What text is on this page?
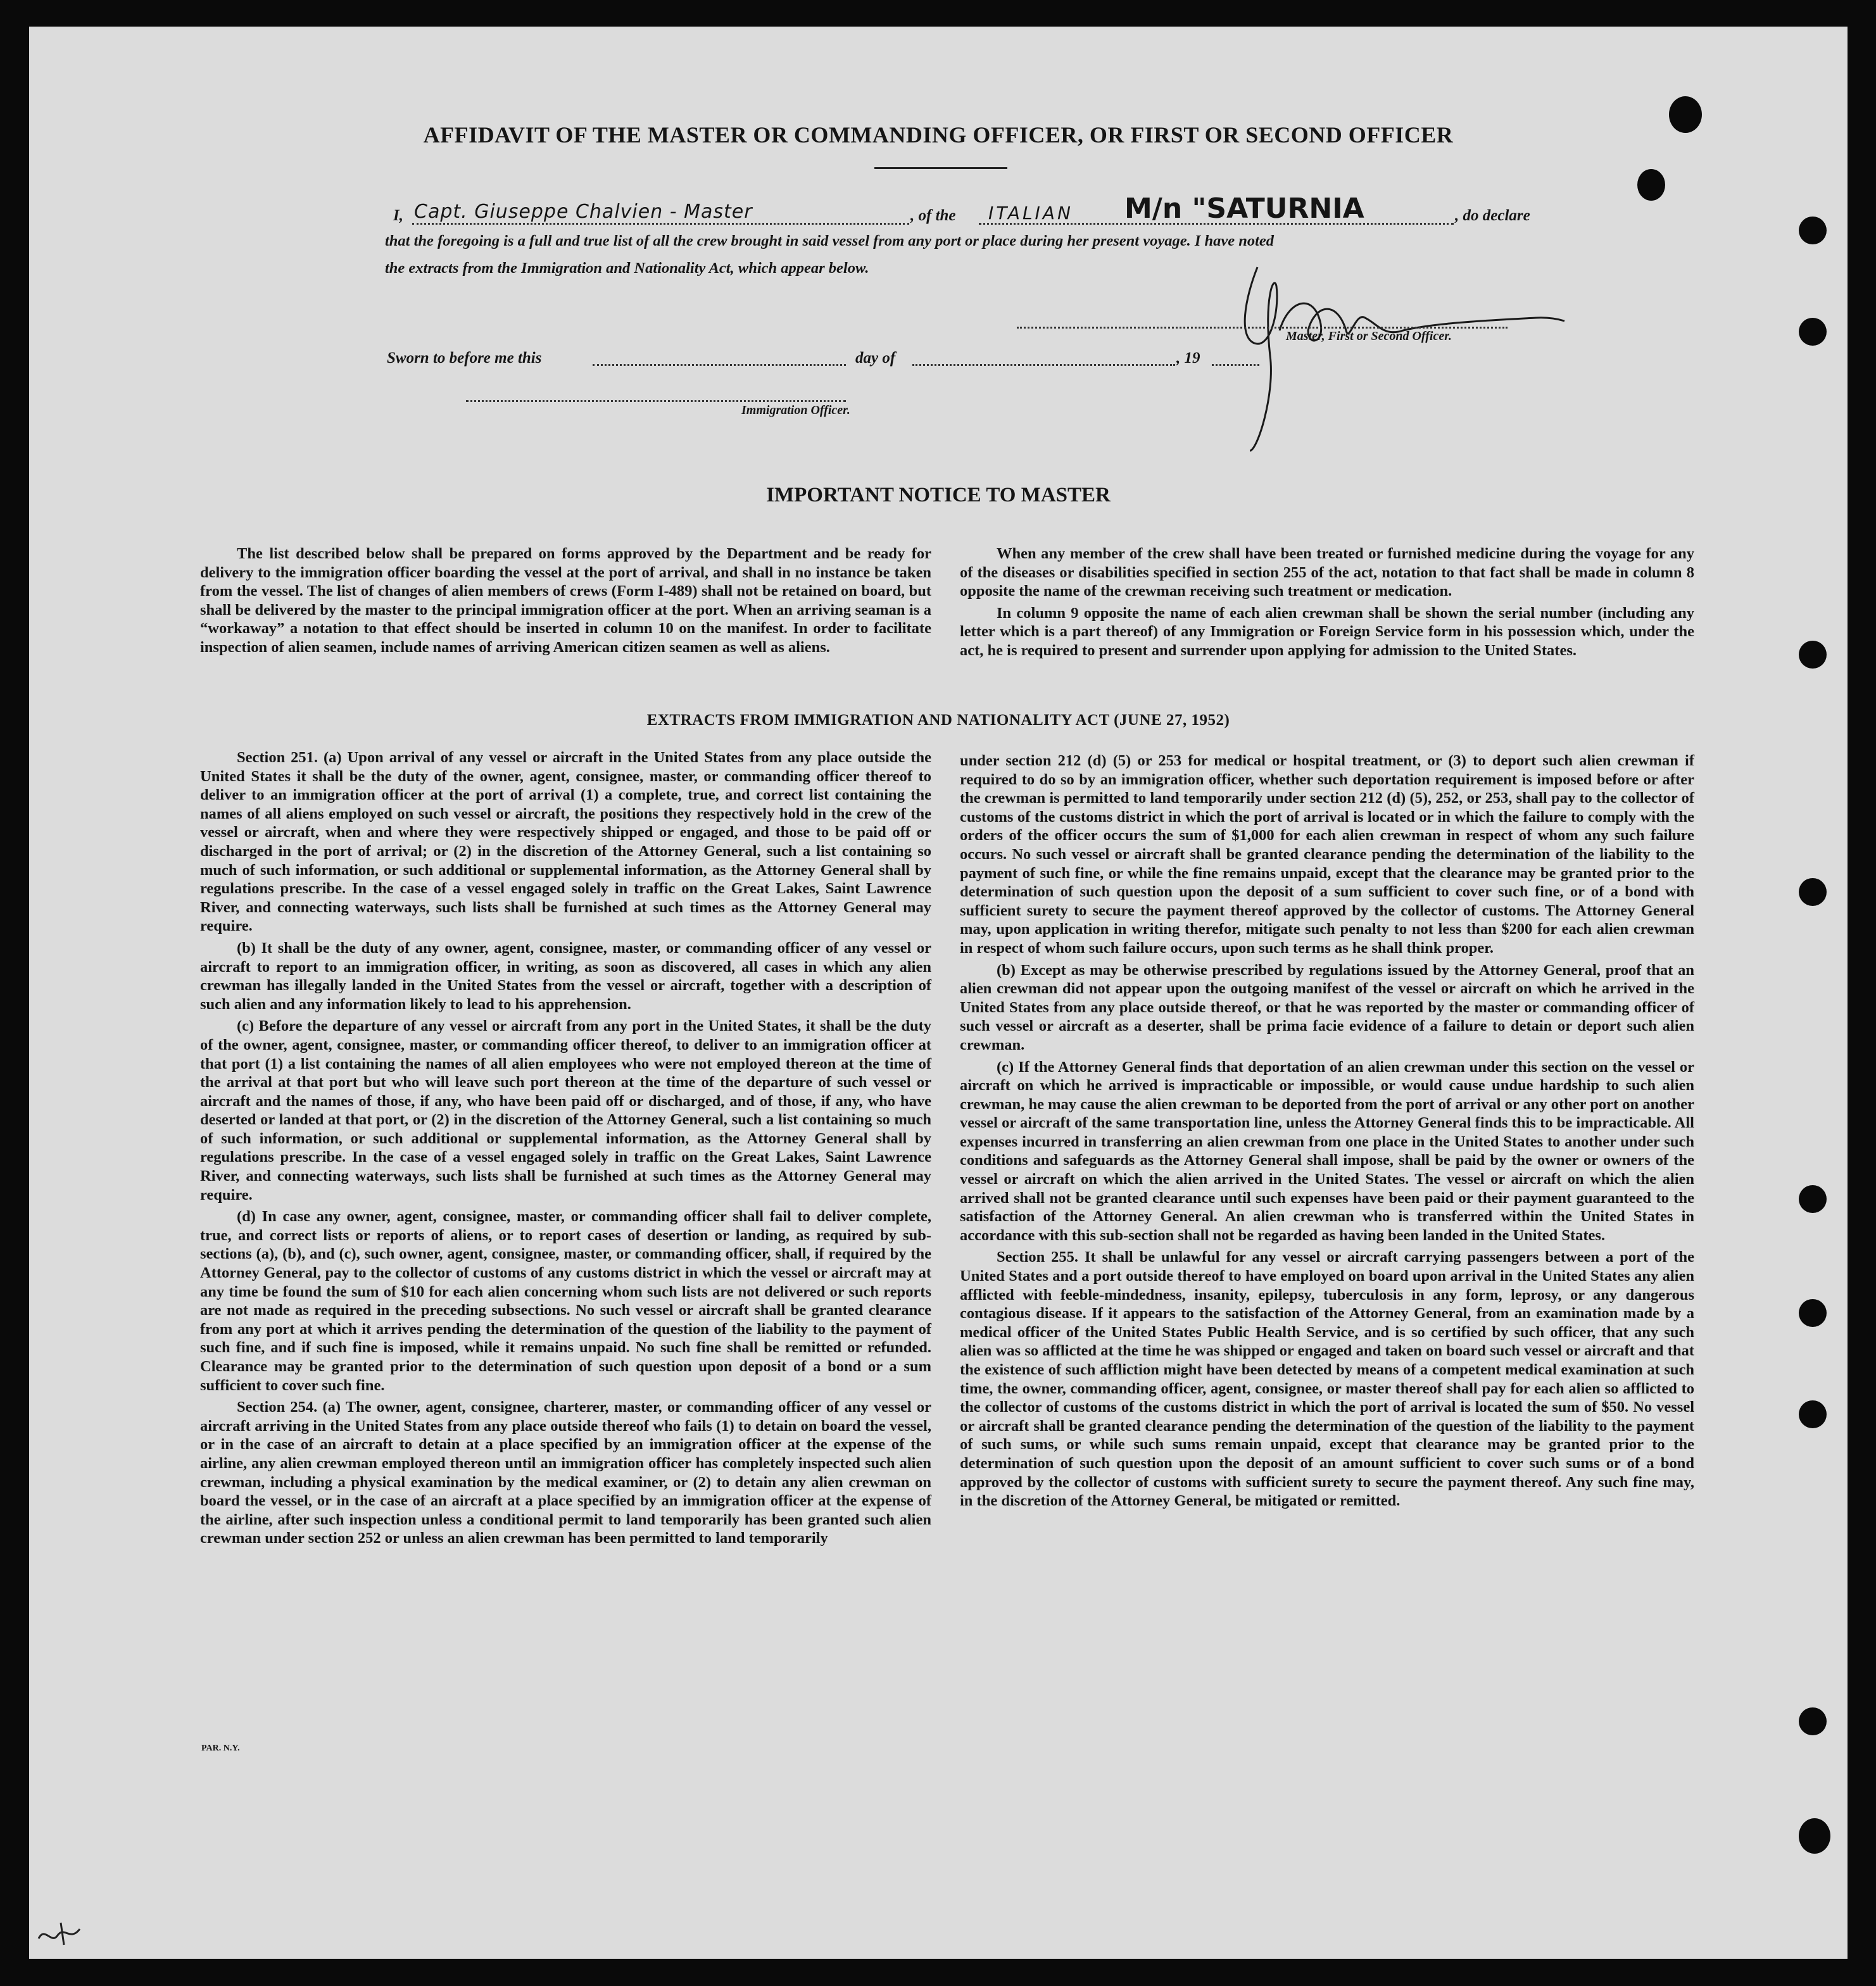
AFFIDAVIT OF THE MASTER OR COMMANDING OFFICER, OR FIRST OR SECOND OFFICER
I, Capt. Giuseppe Chalvien - Master	, of the ITALIAN M/n "SATURNIA	, do declare
that the foregoing is a full and true list of all the crew brought in said vessel from any port or place during her present voyage. I have noted
the extracts from the Immigration and Nationality Act, which appear below.
Master, First or Second Officer.
Sworn to before me this	day of	, 19
Immigration Officer.
IMPORTANT NOTICE TO MASTER

The list described below shall be prepared on forms approved by the Department and be ready for delivery to the immigration officer boarding the vessel at the port of arrival, and shall in no instance be taken from the vessel. The list of changes of alien members of crews (Form I-489) shall not be retained on board, but shall be delivered by the master to the principal immigration officer at the port. When an arriving seaman is a “workaway” a notation to that effect should be inserted in column 10 on the manifest. In order to facilitate inspection of alien seamen, include names of arriving American citizen seamen as well as aliens.

When any member of the crew shall have been treated or furnished medicine during the voyage for any of the diseases or disabilities specified in section 255 of the act, notation to that fact shall be made in column 8 opposite the name of the crewman receiving such treatment or medication.

In column 9 opposite the name of each alien crewman shall be shown the serial number (including any letter which is a part thereof) of any Immigration or Foreign Service form in his possession which, under the act, he is required to present and surrender upon applying for admission to the United States.

EXTRACTS FROM IMMIGRATION AND NATIONALITY ACT (JUNE 27, 1952)

Section 251. (a) Upon arrival of any vessel or aircraft in the United States from any place outside the United States it shall be the duty of the owner, agent, consignee, master, or commanding officer thereof to deliver to an immigration officer at the port of arrival (1) a complete, true, and correct list containing the names of all aliens employed on such vessel or aircraft, the positions they respectively hold in the crew of the vessel or aircraft, when and where they were respectively shipped or engaged, and those to be paid off or discharged in the port of arrival; or (2) in the discretion of the Attorney General, such a list containing so much of such information, or such additional or supplemental information, as the Attorney General shall by regulations prescribe. In the case of a vessel engaged solely in traffic on the Great Lakes, Saint Lawrence River, and connecting waterways, such lists shall be furnished at such times as the Attorney General may require.

(b) It shall be the duty of any owner, agent, consignee, master, or commanding officer of any vessel or aircraft to report to an immigration officer, in writing, as soon as discovered, all cases in which any alien crewman has illegally landed in the United States from the vessel or aircraft, together with a description of such alien and any information likely to lead to his apprehension.

(c) Before the departure of any vessel or aircraft from any port in the United States, it shall be the duty of the owner, agent, consignee, master, or commanding officer thereof, to deliver to an immigration officer at that port (1) a list containing the names of all alien employees who were not employed thereon at the time of the arrival at that port but who will leave such port thereon at the time of the departure of such vessel or aircraft and the names of those, if any, who have been paid off or discharged, and of those, if any, who have deserted or landed at that port, or (2) in the discretion of the Attorney General, such a list containing so much of such information, or such additional or supplemental information, as the Attorney General shall by regulations prescribe. In the case of a vessel engaged solely in traffic on the Great Lakes, Saint Lawrence River, and connecting waterways, such lists shall be furnished at such times as the Attorney General may require.

(d) In case any owner, agent, consignee, master, or commanding officer shall fail to deliver complete, true, and correct lists or reports of aliens, or to report cases of desertion or landing, as required by sub-sections (a), (b), and (c), such owner, agent, consignee, master, or commanding officer, shall, if required by the Attorney General, pay to the collector of customs of any customs district in which the vessel or aircraft may at any time be found the sum of $10 for each alien concerning whom such lists are not delivered or such reports are not made as required in the preceding subsections. No such vessel or aircraft shall be granted clearance from any port at which it arrives pending the determination of the question of the liability to the payment of such fine, and if such fine is imposed, while it remains unpaid. No such fine shall be remitted or refunded. Clearance may be granted prior to the determination of such question upon deposit of a bond or a sum sufficient to cover such fine.

Section 254. (a) The owner, agent, consignee, charterer, master, or commanding officer of any vessel or aircraft arriving in the United States from any place outside thereof who fails (1) to detain on board the vessel, or in the case of an aircraft to detain at a place specified by an immigration officer at the expense of the airline, any alien crewman employed thereon until an immigration officer has completely inspected such alien crewman, including a physical examination by the medical examiner, or (2) to detain any alien crewman on board the vessel, or in the case of an aircraft at a place specified by an immigration officer at the expense of the airline, after such inspection unless a conditional permit to land temporarily has been granted such alien crewman under section 252 or unless an alien crewman has been permitted to land temporarily

under section 212 (d) (5) or 253 for medical or hospital treatment, or (3) to deport such alien crewman if required to do so by an immigration officer, whether such deportation requirement is imposed before or after the crewman is permitted to land temporarily under section 212 (d) (5), 252, or 253, shall pay to the collector of customs of the customs district in which the port of arrival is located or in which the failure to comply with the orders of the officer occurs the sum of $1,000 for each alien crewman in respect of whom any such failure occurs. No such vessel or aircraft shall be granted clearance pending the determination of the liability to the payment of such fine, or while the fine remains unpaid, except that the clearance may be granted prior to the determination of such question upon the deposit of a sum sufficient to cover such fine, or of a bond with sufficient surety to secure the payment thereof approved by the collector of customs. The Attorney General may, upon application in writing therefor, mitigate such penalty to not less than $200 for each alien crewman in respect of whom such failure occurs, upon such terms as he shall think proper.

(b) Except as may be otherwise prescribed by regulations issued by the Attorney General, proof that an alien crewman did not appear upon the outgoing manifest of the vessel or aircraft on which he arrived in the United States from any place outside thereof, or that he was reported by the master or commanding officer of such vessel or aircraft as a deserter, shall be prima facie evidence of a failure to detain or deport such alien crewman.

(c) If the Attorney General finds that deportation of an alien crewman under this section on the vessel or aircraft on which he arrived is impracticable or impossible, or would cause undue hardship to such alien crewman, he may cause the alien crewman to be deported from the port of arrival or any other port on another vessel or aircraft of the same transportation line, unless the Attorney General finds this to be impracticable. All expenses incurred in transferring an alien crewman from one place in the United States to another under such conditions and safeguards as the Attorney General shall impose, shall be paid by the owner or owners of the vessel or aircraft on which the alien arrived in the United States. The vessel or aircraft on which the alien arrived shall not be granted clearance until such expenses have been paid or their payment guaranteed to the satisfaction of the Attorney General. An alien crewman who is transferred within the United States in accordance with this sub-section shall not be regarded as having been landed in the United States.

Section 255. It shall be unlawful for any vessel or aircraft carrying passengers between a port of the United States and a port outside thereof to have employed on board upon arrival in the United States any alien afflicted with feeble-mindedness, insanity, epilepsy, tuberculosis in any form, leprosy, or any dangerous contagious disease. If it appears to the satisfaction of the Attorney General, from an examination made by a medical officer of the United States Public Health Service, and is so certified by such officer, that any such alien was so afflicted at the time he was shipped or engaged and taken on board such vessel or aircraft and that the existence of such affliction might have been detected by means of a competent medical examination at such time, the owner, commanding officer, agent, consignee, or master thereof shall pay for each alien so afflicted to the collector of customs of the customs district in which the port of arrival is located the sum of $50. No vessel or aircraft shall be granted clearance pending the determination of the question of the liability to the payment of such sums, or while such sums remain unpaid, except that clearance may be granted prior to the determination of such question upon the deposit of an amount sufficient to cover such sums or of a bond approved by the collector of customs with sufficient surety to secure the payment thereof. Any such fine may, in the discretion of the Attorney General, be mitigated or remitted.

PAR. N.Y.
